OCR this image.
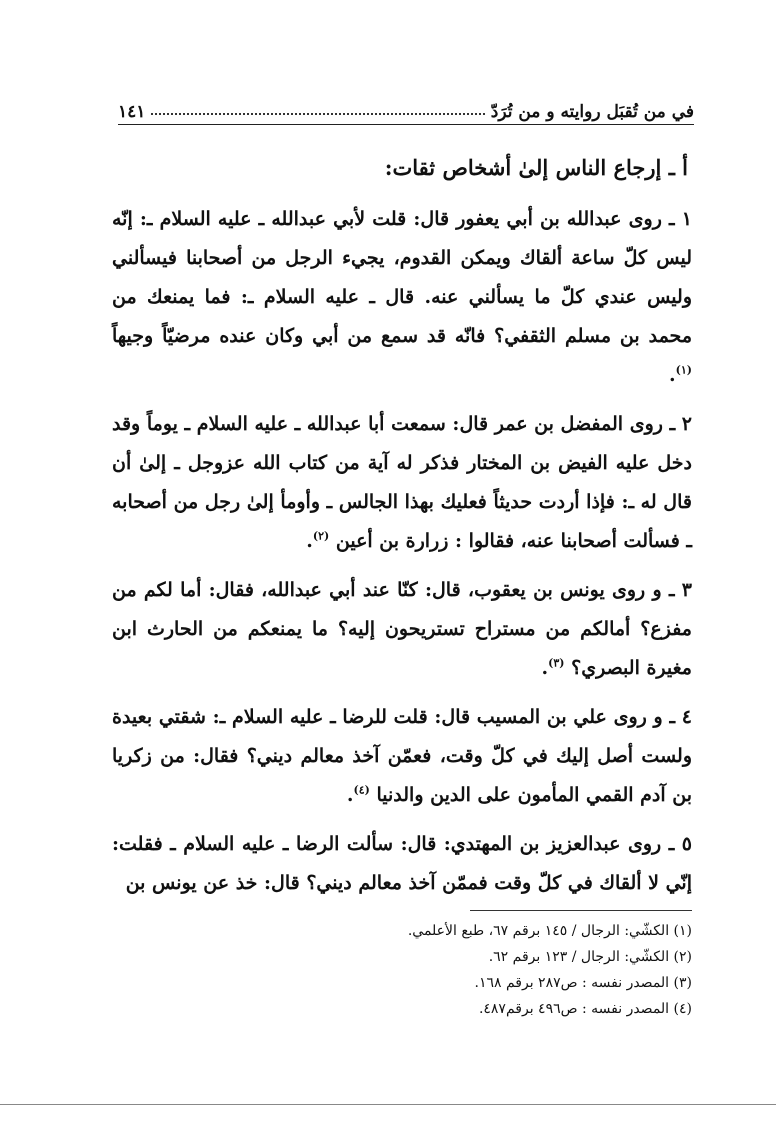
في من تُقبَل روايته و من تُرَدّ
١٤١
أ ـ إرجاع الناس إلىٰ أشخاص ثقات:

١ ـ روى عبدالله بن أبي يعفور قال: قلت لأبي عبدالله ـ عليه السلام ـ: إنّه ليس كلّ ساعة ألقاك ويمكن القدوم، يجيء الرجل من أصحابنا فيسألني وليس عندي كلّ ما يسألني عنه. قال ـ عليه السلام ـ: فما يمنعك من محمد بن مسلم الثقفي؟ فانّه قد سمع من أبي وكان عنده مرضيّاً وجيهاً $^{(١)}$.

٢ ـ روى المفضل بن عمر قال: سمعت أبا عبدالله ـ عليه السلام ـ يوماً وقد دخل عليه الفيض بن المختار فذكر له آية من كتاب الله عزوجل ـ إلىٰ أن قال له ـ: فإذا أردت حديثاً فعليك بهذا الجالس ـ وأومأ إلىٰ رجل من أصحابه ـ فسألت أصحابنا عنه، فقالوا : زرارة بن أعين $^{(٢)}$.

٣ ـ و روى يونس بن يعقوب، قال: كنّا عند أبي عبدالله، فقال: أما لكم من مفزع؟ أمالكم من مستراح تستريحون إليه؟ ما يمنعكم من الحارث ابن مغيرة البصري؟ $^{(٣)}$.

٤ ـ و روى علي بن المسيب قال: قلت للرضا ـ عليه السلام ـ: شقتي بعيدة ولست أصل إليك في كلّ وقت، فعمّن آخذ معالم ديني؟ فقال: من زكريا بن آدم القمي المأمون على الدين والدنيا $^{(٤)}$.

٥ ـ روى عبدالعزيز بن المهتدي: قال: سألت الرضا ـ عليه السلام ـ فقلت: إنّي لا ألقاك في كلّ وقت فممّن آخذ معالم ديني؟ قال: خذ عن يونس بن

(١) الكشّي: الرجال / ١٤٥ برقم ٦٧، طبع الأعلمي.

(٢) الكشّي: الرجال / ١٢٣ برقم ٦٢.

(٣) المصدر نفسه : ص٢٨٧ برقم ١٦٨.

(٤) المصدر نفسه : ص٤٩٦ برقم٤٨٧.
